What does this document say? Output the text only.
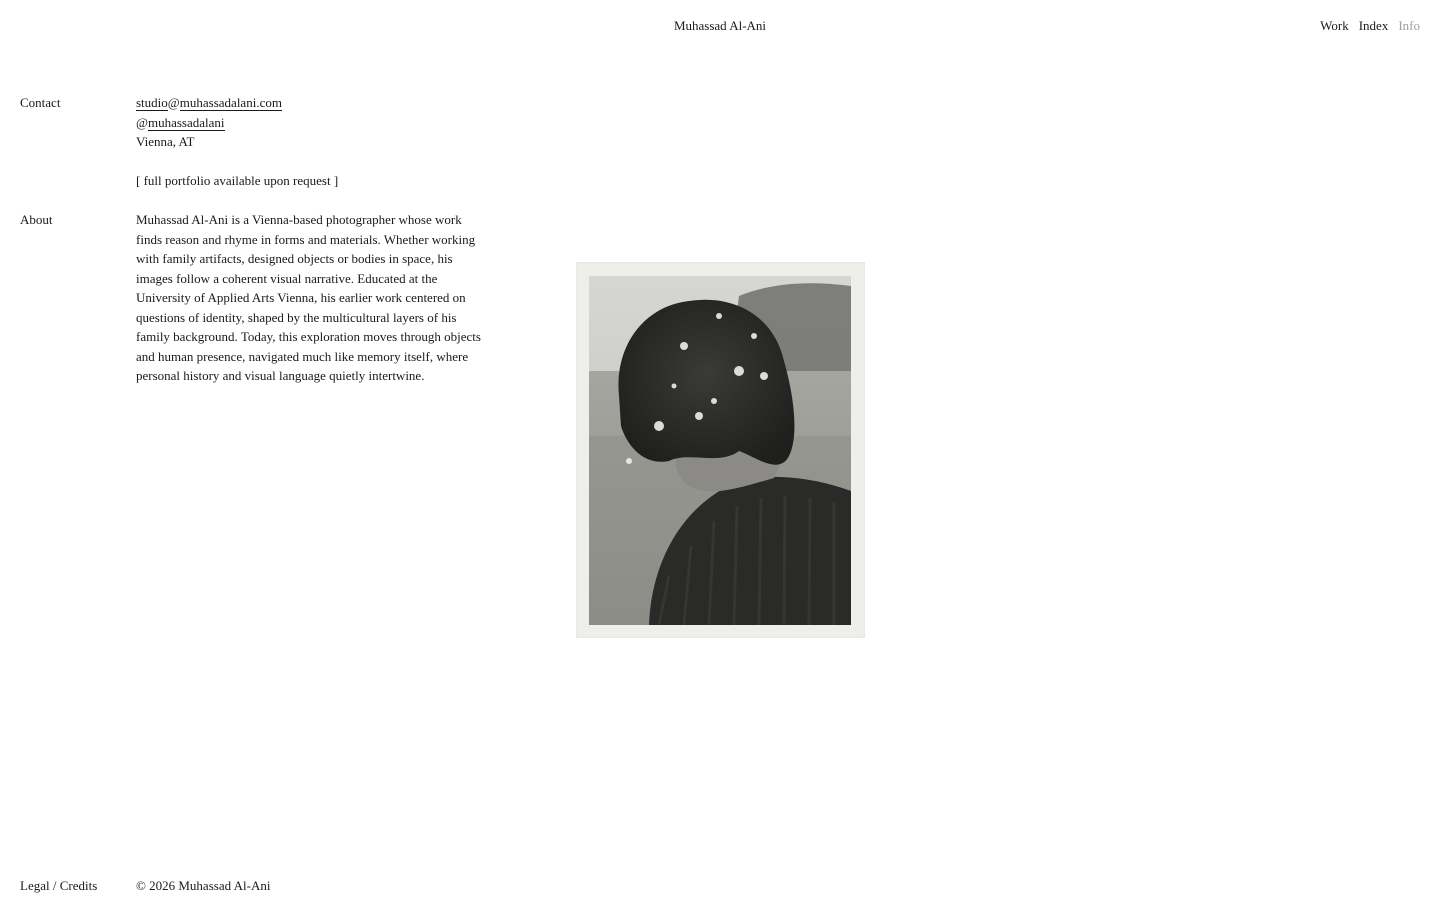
Muhassad Al-Ani	Work Index Info
Contact	studio@muhassadalani.com
@muhassadalani
Vienna, AT
[ full portfolio available upon request ]
About	Muhassad Al-Ani is a Vienna-based photographer whose work finds reason and rhyme in forms and materials. Whether working with family artifacts, designed objects or bodies in space, his images follow a coherent visual narrative. Educated at the University of Applied Arts Vienna, his earlier work centered on questions of identity, shaped by the multicultural layers of his family background. Today, this exploration moves through objects and human presence, navigated much like memory itself, where personal history and visual language quietly intertwine.
Legal / Credits	© 2026 Muhassad Al-Ani
